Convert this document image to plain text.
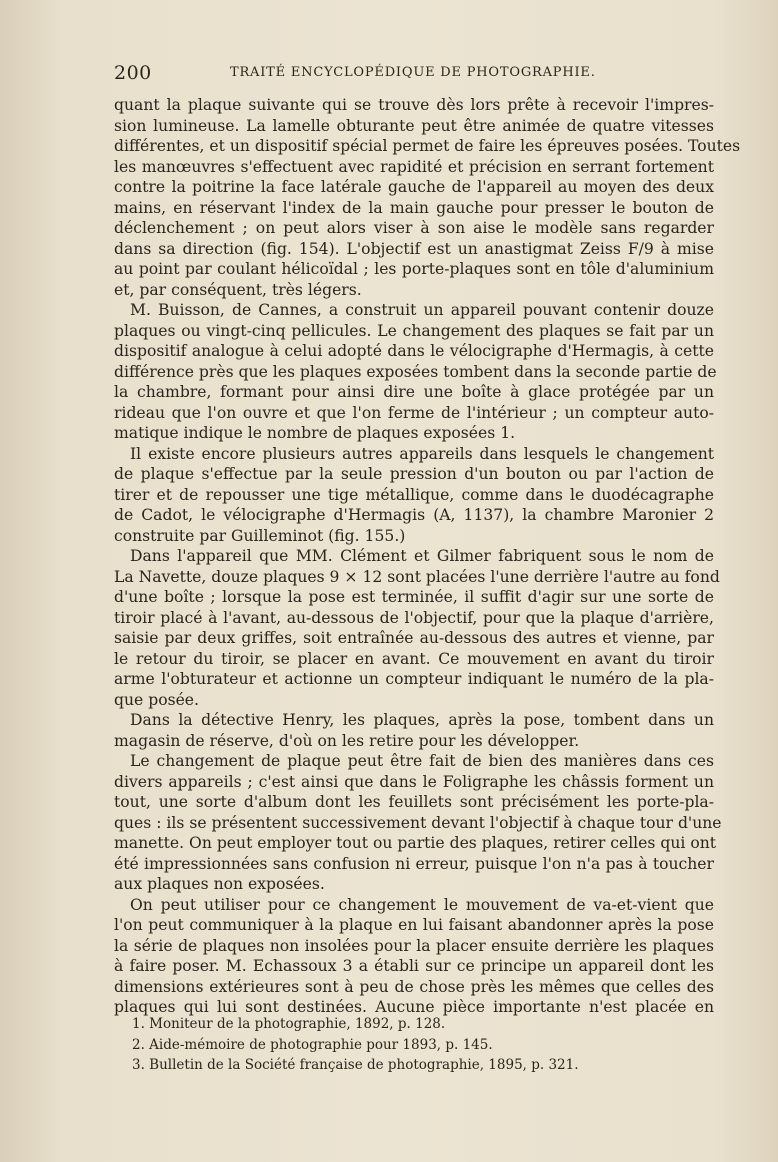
200	TRAITÉ ENCYCLOPÉDIQUE DE PHOTOGRAPHIE.
quant la plaque suivante qui se trouve dès lors prête à recevoir l'impres-
sion lumineuse. La lamelle obturante peut être animée de quatre vitesses
différentes, et un dispositif spécial permet de faire les épreuves posées. Toutes
les manœuvres s'effectuent avec rapidité et précision en serrant fortement
contre la poitrine la face latérale gauche de l'appareil au moyen des deux
mains, en réservant l'index de la main gauche pour presser le bouton de
déclenchement ; on peut alors viser à son aise le modèle sans regarder
dans sa direction (fig. 154). L'objectif est un anastigmat Zeiss F/9 à mise
au point par coulant hélicoïdal ; les porte-plaques sont en tôle d'aluminium
et, par conséquent, très légers.
M. Buisson, de Cannes, a construit un appareil pouvant contenir douze
plaques ou vingt-cinq pellicules. Le changement des plaques se fait par un
dispositif analogue à celui adopté dans le vélocigraphe d'Hermagis, à cette
différence près que les plaques exposées tombent dans la seconde partie de
la chambre, formant pour ainsi dire une boîte à glace protégée par un
rideau que l'on ouvre et que l'on ferme de l'intérieur ; un compteur auto-
matique indique le nombre de plaques exposées 1.
Il existe encore plusieurs autres appareils dans lesquels le changement
de plaque s'effectue par la seule pression d'un bouton ou par l'action de
tirer et de repousser une tige métallique, comme dans le duodécagraphe
de Cadot, le vélocigraphe d'Hermagis (A, 1137), la chambre Maronier 2
construite par Guilleminot (fig. 155.)
Dans l'appareil que MM. Clément et Gilmer fabriquent sous le nom de
La Navette, douze plaques 9 × 12 sont placées l'une derrière l'autre au fond
d'une boîte ; lorsque la pose est terminée, il suffit d'agir sur une sorte de
tiroir placé à l'avant, au-dessous de l'objectif, pour que la plaque d'arrière,
saisie par deux griffes, soit entraînée au-dessous des autres et vienne, par
le retour du tiroir, se placer en avant. Ce mouvement en avant du tiroir
arme l'obturateur et actionne un compteur indiquant le numéro de la pla-
que posée.
Dans la détective Henry, les plaques, après la pose, tombent dans un
magasin de réserve, d'où on les retire pour les développer.
Le changement de plaque peut être fait de bien des manières dans ces
divers appareils ; c'est ainsi que dans le Foligraphe les châssis forment un
tout, une sorte d'album dont les feuillets sont précisément les porte-pla-
ques : ils se présentent successivement devant l'objectif à chaque tour d'une
manette. On peut employer tout ou partie des plaques, retirer celles qui ont
été impressionnées sans confusion ni erreur, puisque l'on n'a pas à toucher
aux plaques non exposées.
On peut utiliser pour ce changement le mouvement de va-et-vient que
l'on peut communiquer à la plaque en lui faisant abandonner après la pose
la série de plaques non insolées pour la placer ensuite derrière les plaques
à faire poser. M. Echassoux 3 a établi sur ce principe un appareil dont les
dimensions extérieures sont à peu de chose près les mêmes que celles des
plaques qui lui sont destinées. Aucune pièce importante n'est placée en
1. Moniteur de la photographie, 1892, p. 128.
2. Aide-mémoire de photographie pour 1893, p. 145.
3. Bulletin de la Société française de photographie, 1895, p. 321.
